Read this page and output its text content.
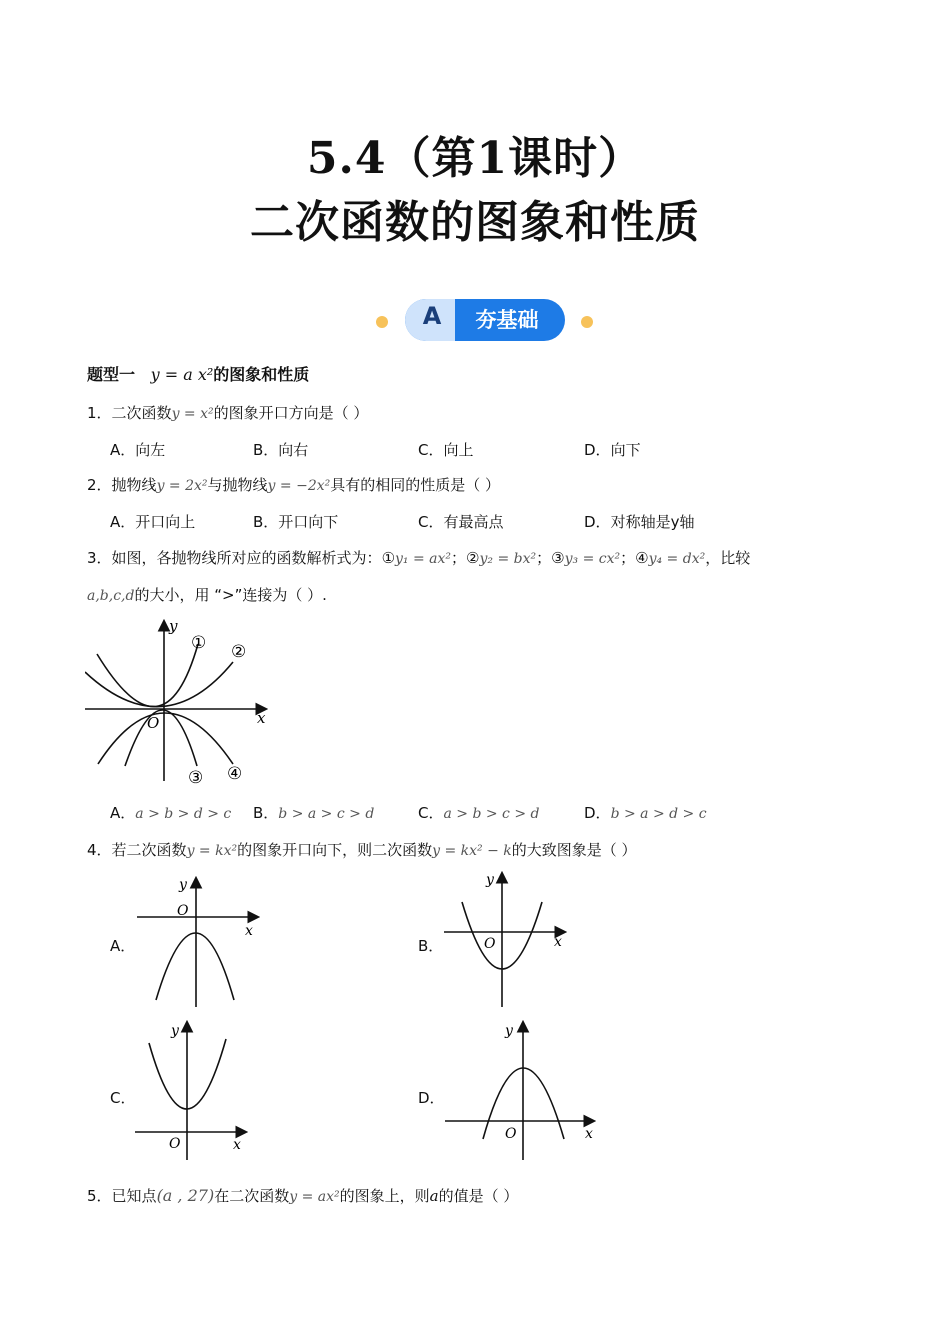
5.4（第1课时）
二次函数的图象和性质
A	夯基础
题型一 y = a x²的图象和性质
1．二次函数y = x²的图象开口方向是（ ）
A．向左	B．向右	C．向上	D．向下
2．抛物线y = 2x²与抛物线y = −2x²具有的相同的性质是（ ）
A．开口向上	B．开口向下	C．有最高点	D．对称轴是y轴
3．如图，各抛物线所对应的函数解析式为：①y₁ = ax²；②y₂ = bx²；③y₃ = cx²；④y₄ = dx²，比较
a,b,c,d的大小，用 “>”连接为（ ）.
y
x
O
① ②
③ ④
A．a > b > d > c B．b > a > c > d	C．a > b > c > d	D．b > a > d > c
4．若二次函数y = kx²的图象开口向下，则二次函数y = kx² − k的大致图象是（ ）
A．
y
O
x
B．
y
O	x
C．
y
O	x
D．
y
O	x
5．已知点(a , 27)在二次函数y = ax²的图象上，则a的值是（ ）
